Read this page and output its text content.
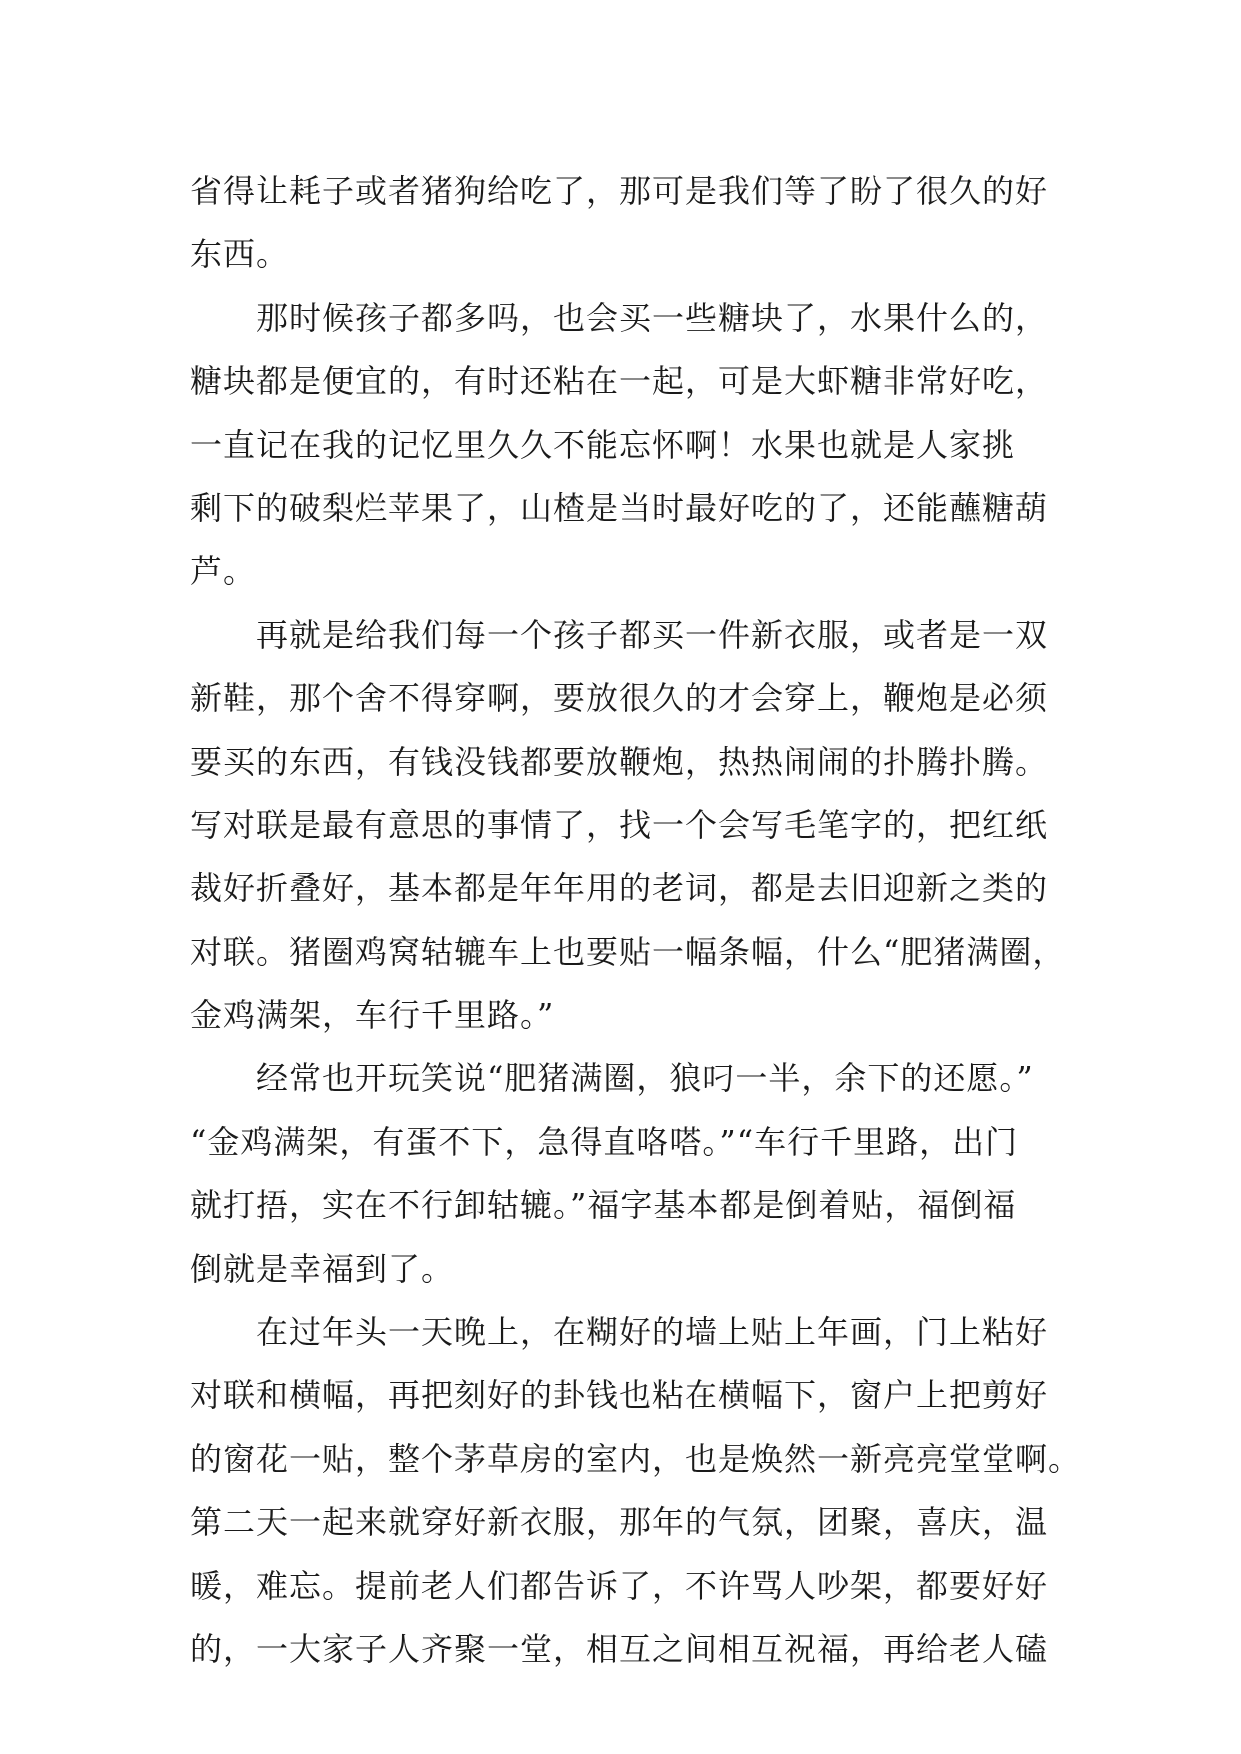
省得让耗子或者猪狗给吃了，那可是我们等了盼了很久的好
东西。
那时候孩子都多吗，也会买一些糖块了，水果什么的，
糖块都是便宜的，有时还粘在一起，可是大虾糖非常好吃，
一直记在我的记忆里久久不能忘怀啊！水果也就是人家挑
剩下的破梨烂苹果了，山楂是当时最好吃的了，还能蘸糖葫
芦。
再就是给我们每一个孩子都买一件新衣服，或者是一双
新鞋，那个舍不得穿啊，要放很久的才会穿上，鞭炮是必须
要买的东西，有钱没钱都要放鞭炮，热热闹闹的扑腾扑腾。
写对联是最有意思的事情了，找一个会写毛笔字的，把红纸
裁好折叠好，基本都是年年用的老词，都是去旧迎新之类的
对联。猪圈鸡窝轱辘车上也要贴一幅条幅，什么“肥猪满圈，
金鸡满架，车行千里路。”
经常也开玩笑说“肥猪满圈，狼叼一半，余下的还愿。”
“金鸡满架，有蛋不下，急得直咯嗒。”“车行千里路，出门
就打捂，实在不行卸轱辘。”福字基本都是倒着贴，福倒福
倒就是幸福到了。
在过年头一天晚上，在糊好的墙上贴上年画，门上粘好
对联和横幅，再把刻好的卦钱也粘在横幅下，窗户上把剪好
的窗花一贴，整个茅草房的室内，也是焕然一新亮亮堂堂啊。
第二天一起来就穿好新衣服，那年的气氛，团聚，喜庆，温
暖，难忘。提前老人们都告诉了，不许骂人吵架，都要好好
的，一大家子人齐聚一堂，相互之间相互祝福，再给老人磕
